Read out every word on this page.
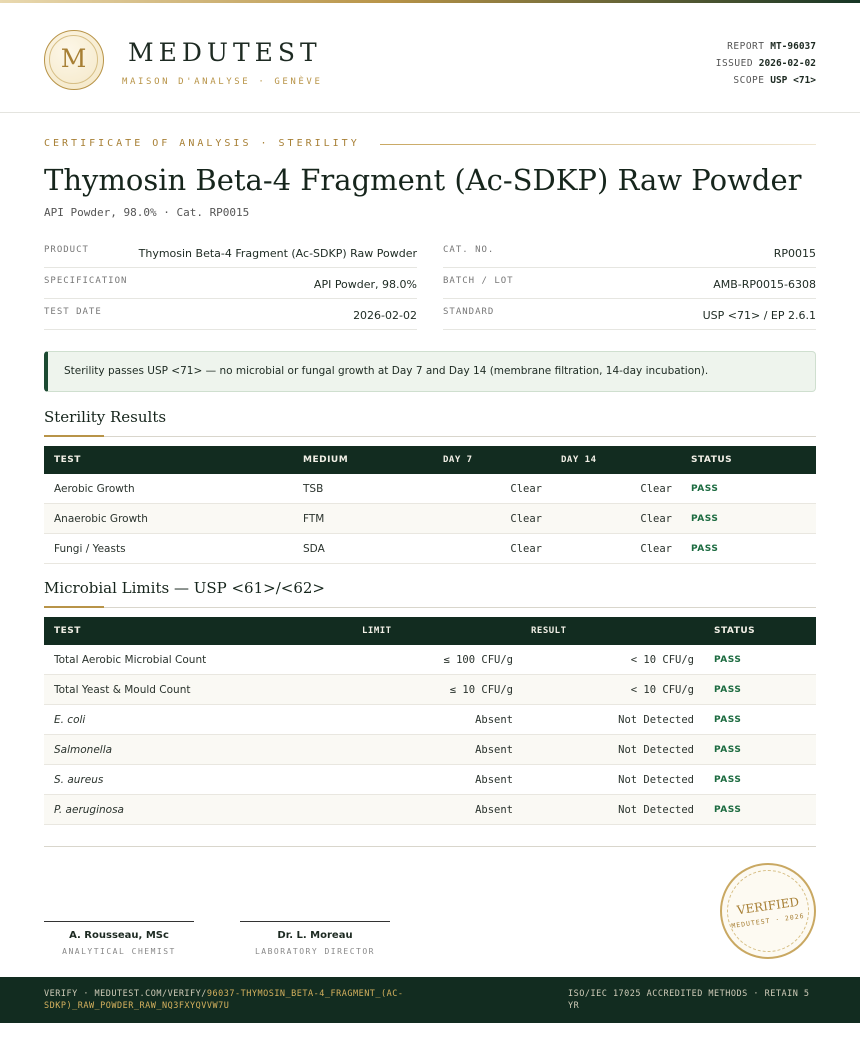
M	MEDUTEST
MAISON D'ANALYSE · GENÈVE
REPORT MT-96037
ISSUED 2026-02-02
SCOPE USP <71>
CERTIFICATE OF ANALYSIS · STERILITY
Thymosin Beta-4 Fragment (Ac-SDKP) Raw Powder
API Powder, 98.0% · Cat. RP0015
PRODUCT	Thymosin Beta-4 Fragment (Ac-SDKP) Raw Powder
SPECIFICATION	API Powder, 98.0%
TEST DATE	2026-02-02
CAT. NO.	RP0015
BATCH / LOT	AMB-RP0015-6308
STANDARD	USP <71> / EP 2.6.1
Sterility passes USP <71> — no microbial or fungal growth at Day 7 and Day 14 (membrane filtration, 14-day incubation).
Sterility Results
TEST	MEDIUM	DAY 7	DAY 14	STATUS
Aerobic Growth	TSB	Clear	Clear PASS
Anaerobic Growth	FTM	Clear	Clear PASS
Fungi / Yeasts	SDA	Clear	Clear PASS
Microbial Limits — USP <61>/<62>
TEST	LIMIT	RESULT	STATUS
Total Aerobic Microbial Count	≤ 100 CFU/g	< 10 CFU/g PASS
Total Yeast & Mould Count	≤ 10 CFU/g	< 10 CFU/g PASS
E. coli	Absent	Not Detected PASS
Salmonella	Absent	Not Detected PASS
S. aureus	Absent	Not Detected PASS
P. aeruginosa	Absent	Not Detected PASS
A. Rousseau, MSc
ANALYTICAL CHEMIST
Dr. L. Moreau
LABORATORY DIRECTOR
VERIFIED
MEDUTEST · 2026
VERIFY · MEDUTEST.COM/VERIFY/96037-THYMOSIN_BETA-4_FRAGMENT_(AC-SDKP)_RAW_POWDER_RAW_NQ3FXYQVVW7U
ISO/IEC 17025 ACCREDITED METHODS · RETAIN 5 YR
